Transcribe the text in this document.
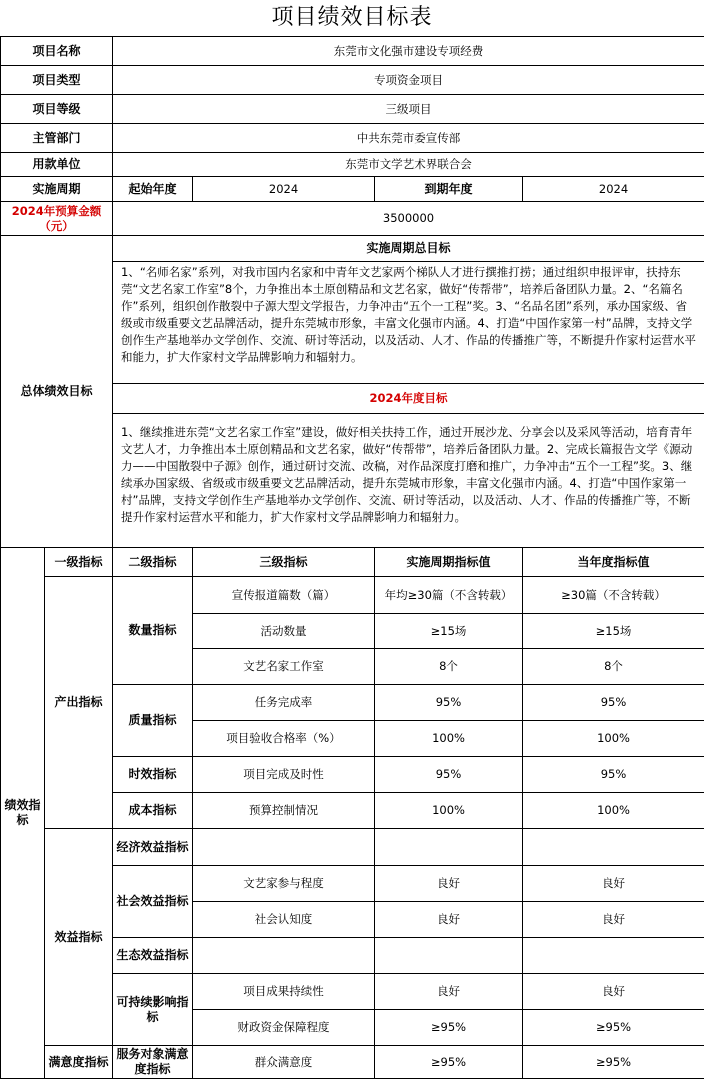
项目绩效目标表
项目名称		东莞市文化强市建设专项经费			
项目类型		专项资金项目			
项目等级		三级项目			
主管部门		中共东莞市委宣传部			
用款单位		东莞市文学艺术界联合会			
实施周期		起始年度	2024	到期年度	2024
2024年预算金额（元）		3500000			
总体绩效目标		实施周期总目标			
		1、“名师名家”系列，对我市国内名家和中青年文艺家两个梯队人才进行撰推打捞；通过组织申报评审，扶持东莞“文艺名家工作室”8个，力争推出本土原创精品和文艺名家，做好“传帮带”，培养后备团队力量。2、“名篇名作”系列，组织创作散裂中子源大型文学报告，力争冲击“五个一工程”奖。3、“名品名团”系列，承办国家级、省级或市级重要文艺品牌活动，提升东莞城市形象，丰富文化强市内涵。4、打造“中国作家第一村”品牌，支持文学创作生产基地举办文学创作、交流、研讨等活动，以及活动、人才、作品的传播推广等，不断提升作家村运营水平和能力，扩大作家村文学品牌影响力和辐射力。			
		2024年度目标			
		1、继续推进东莞“文艺名家工作室”建设，做好相关扶持工作，通过开展沙龙、分享会以及采风等活动，培育青年文艺人才，力争推出本土原创精品和文艺名家，做好“传帮带”，培养后备团队力量。2、完成长篇报告文学《源动力——中国散裂中子源》创作，通过研讨交流、改稿，对作品深度打磨和推广，力争冲击“五个一工程”奖。3、继续承办国家级、省级或市级重要文艺品牌活动，提升东莞城市形象，丰富文化强市内涵。4、打造“中国作家第一村”品牌，支持文学创作生产基地举办文学创作、交流、研讨等活动，以及活动、人才、作品的传播推广等，不断提升作家村运营水平和能力，扩大作家村文学品牌影响力和辐射力。			
绩效指标	一级指标	二级指标	三级指标	实施周期指标值	当年度指标值
	产出指标	数量指标	宣传报道篇数（篇）	年均≥30篇（不含转载）	≥30篇（不含转载）
			活动数量	≥15场	≥15场
			文艺名家工作室	8个	8个
		质量指标	任务完成率	95%	95%
			项目验收合格率（%）	100%	100%
		时效指标	项目完成及时性	95%	95%
		成本指标	预算控制情况	100%	100%
	效益指标	经济效益指标			
		社会效益指标	文艺家参与程度	良好	良好
			社会认知度	良好	良好
		生态效益指标			
		可持续影响指标	项目成果持续性	良好	良好
			财政资金保障程度	≥95%	≥95%
	满意度指标	服务对象满意度指标	群众满意度	≥95%	≥95%
